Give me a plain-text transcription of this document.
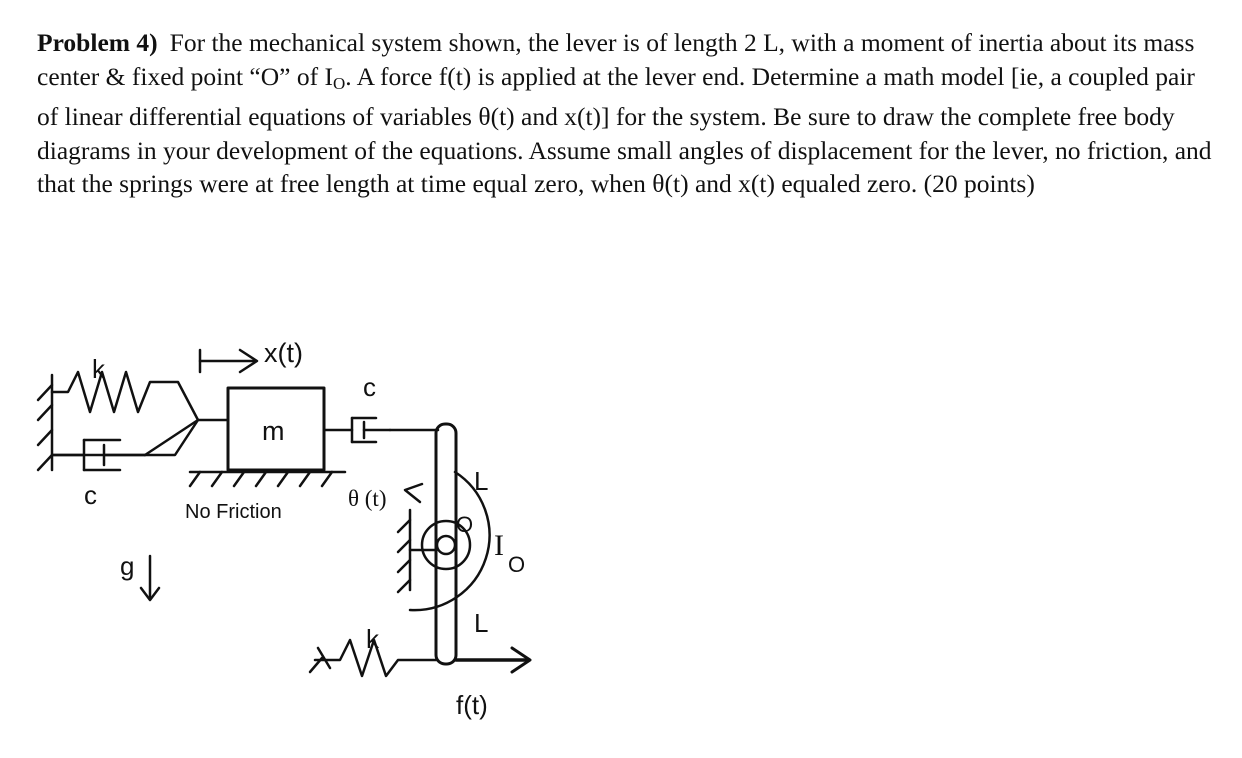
Problem 4) For the mechanical system shown, the lever is of length 2 L, with a moment of inertia about its mass center & fixed point “O” of $I_O$. A force f(t) is applied at the lever end. Determine a math model [ie, a coupled pair of linear differential equations of variables θ(t) and x(t)] for the system. Be sure to draw the complete free body diagrams in your development of the equations. Assume small angles of displacement for the lever, no friction, and that the springs were at free length at time equal zero, when θ(t) and x(t) equaled zero. (20 points)

k
c
x(t)
m
c
No Friction
g
θ (t)
L
O
I
O
L
k
f(t)
